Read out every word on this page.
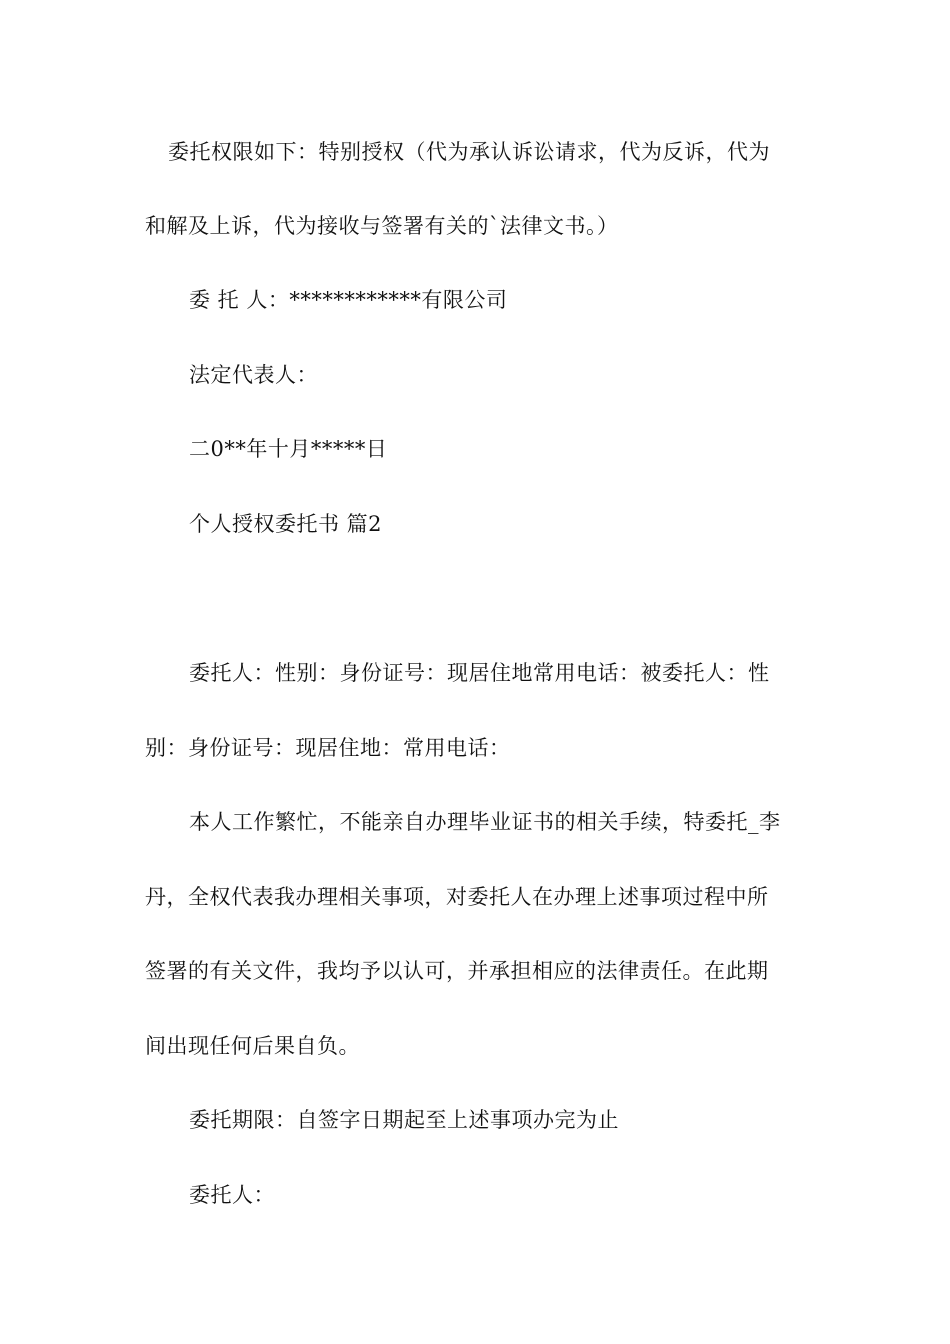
委托权限如下：特别授权（代为承认诉讼请求，代为反诉，代为
和解及上诉，代为接收与签署有关的`法律文书。）
委 托 人：************有限公司
法定代表人：
二0**年十月*****日
个人授权委托书 篇2
委托人：性别：身份证号：现居住地常用电话：被委托人：性
别：身份证号：现居住地：常用电话：
本人工作繁忙，不能亲自办理毕业证书的相关手续，特委托_李
丹，全权代表我办理相关事项，对委托人在办理上述事项过程中所
签署的有关文件，我均予以认可，并承担相应的法律责任。在此期
间出现任何后果自负。
委托期限：自签字日期起至上述事项办完为止
委托人：
